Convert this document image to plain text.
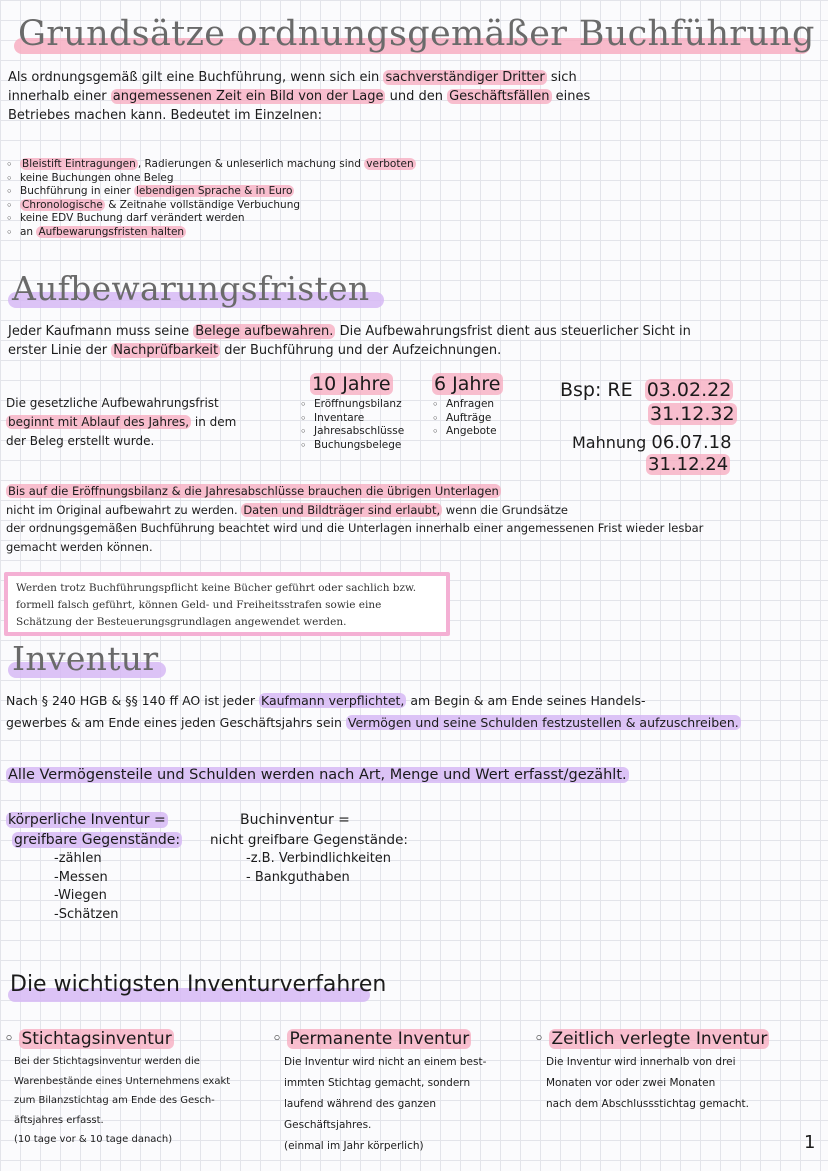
Grundsätze ordnungsgemäßer Buchführung

Als ordnungsgemäß gilt eine Buchführung, wenn sich ein sachverständiger Dritter sich

innerhalb einer angemessenen Zeit ein Bild von der Lage und den Geschäftsfällen eines

Betriebes machen kann. Bedeutet im Einzelnen:

◦ Bleistift Eintragungen , Radierungen & unleserlich machung sind verboten
◦ keine Buchungen ohne Beleg
◦ Buchführung in einer lebendigen Sprache & in Euro
◦ Chronologische & Zeitnahe vollständige Verbuchung
◦ keine EDV Buchung darf verändert werden
◦ an Aufbewarungsfristen halten
Aufbewarungsfristen

Jeder Kaufmann muss seine Belege aufbewahren. Die Aufbewahrungsfrist dient aus steuerlicher Sicht in

erster Linie der Nachprüfbarkeit der Buchführung und der Aufzeichnungen.

Die gesetzliche Aufbewahrungsfrist

beginnt mit Ablauf des Jahres, in dem

der Beleg erstellt wurde.

10 Jahre
◦ Eröffnungsbilanz
◦ Inventare
◦ Jahresabschlüsse
◦ Buchungsbelege
6 Jahre
◦ Anfragen
◦ Aufträge
◦ Angebote
Bsp: RE 03.02.22
31.12.32
Mahnung 06.07.18
31.12.24

Bis auf die Eröffnungsbilanz & die Jahresabschlüsse brauchen die übrigen Unterlagen

nicht im Original aufbewahrt zu werden. Daten und Bildträger sind erlaubt, wenn die Grundsätze

der ordnungsgemäßen Buchführung beachtet wird und die Unterlagen innerhalb einer angemessenen Frist wieder lesbar

gemacht werden können.

Werden trotz Buchführungspflicht keine Bücher geführt oder sachlich bzw. formell falsch geführt, können Geld- und Freiheitsstrafen sowie eine Schätzung der Besteuerungsgrundlagen angewendet werden.
Inventur

Nach § 240 HGB & §§ 140 ff AO ist jeder Kaufmann verpflichtet, am Begin & am Ende seines Handels-

gewerbes & am Ende eines jeden Geschäftsjahrs sein Vermögen und seine Schulden festzustellen & aufzuschreiben.

Alle Vermögensteile und Schulden werden nach Art, Menge und Wert erfasst/gezählt.
körperliche Inventur =
greifbare Gegenstände:
-zählen
-Messen
-Wiegen
-Schätzen
Buchinventur =
nicht greifbare Gegenstände:
-z.B. Verbindlichkeiten
- Bankguthaben
Die wichtigsten Inventurverfahren
◦ Stichtagsinventur
Bei der Stichtagsinventur werden die
Warenbestände eines Unternehmens exakt
zum Bilanzstichtag am Ende des Gesch-
äftsjahres erfasst.
(10 tage vor & 10 tage danach)
◦ Permanente Inventur
Die Inventur wird nicht an einem best-
immten Stichtag gemacht, sondern
laufend während des ganzen
Geschäftsjahres.
(einmal im Jahr körperlich)
◦ Zeitlich verlegte Inventur
Die Inventur wird innerhalb von drei
Monaten vor oder zwei Monaten
nach dem Abschlussstichtag gemacht.
1
